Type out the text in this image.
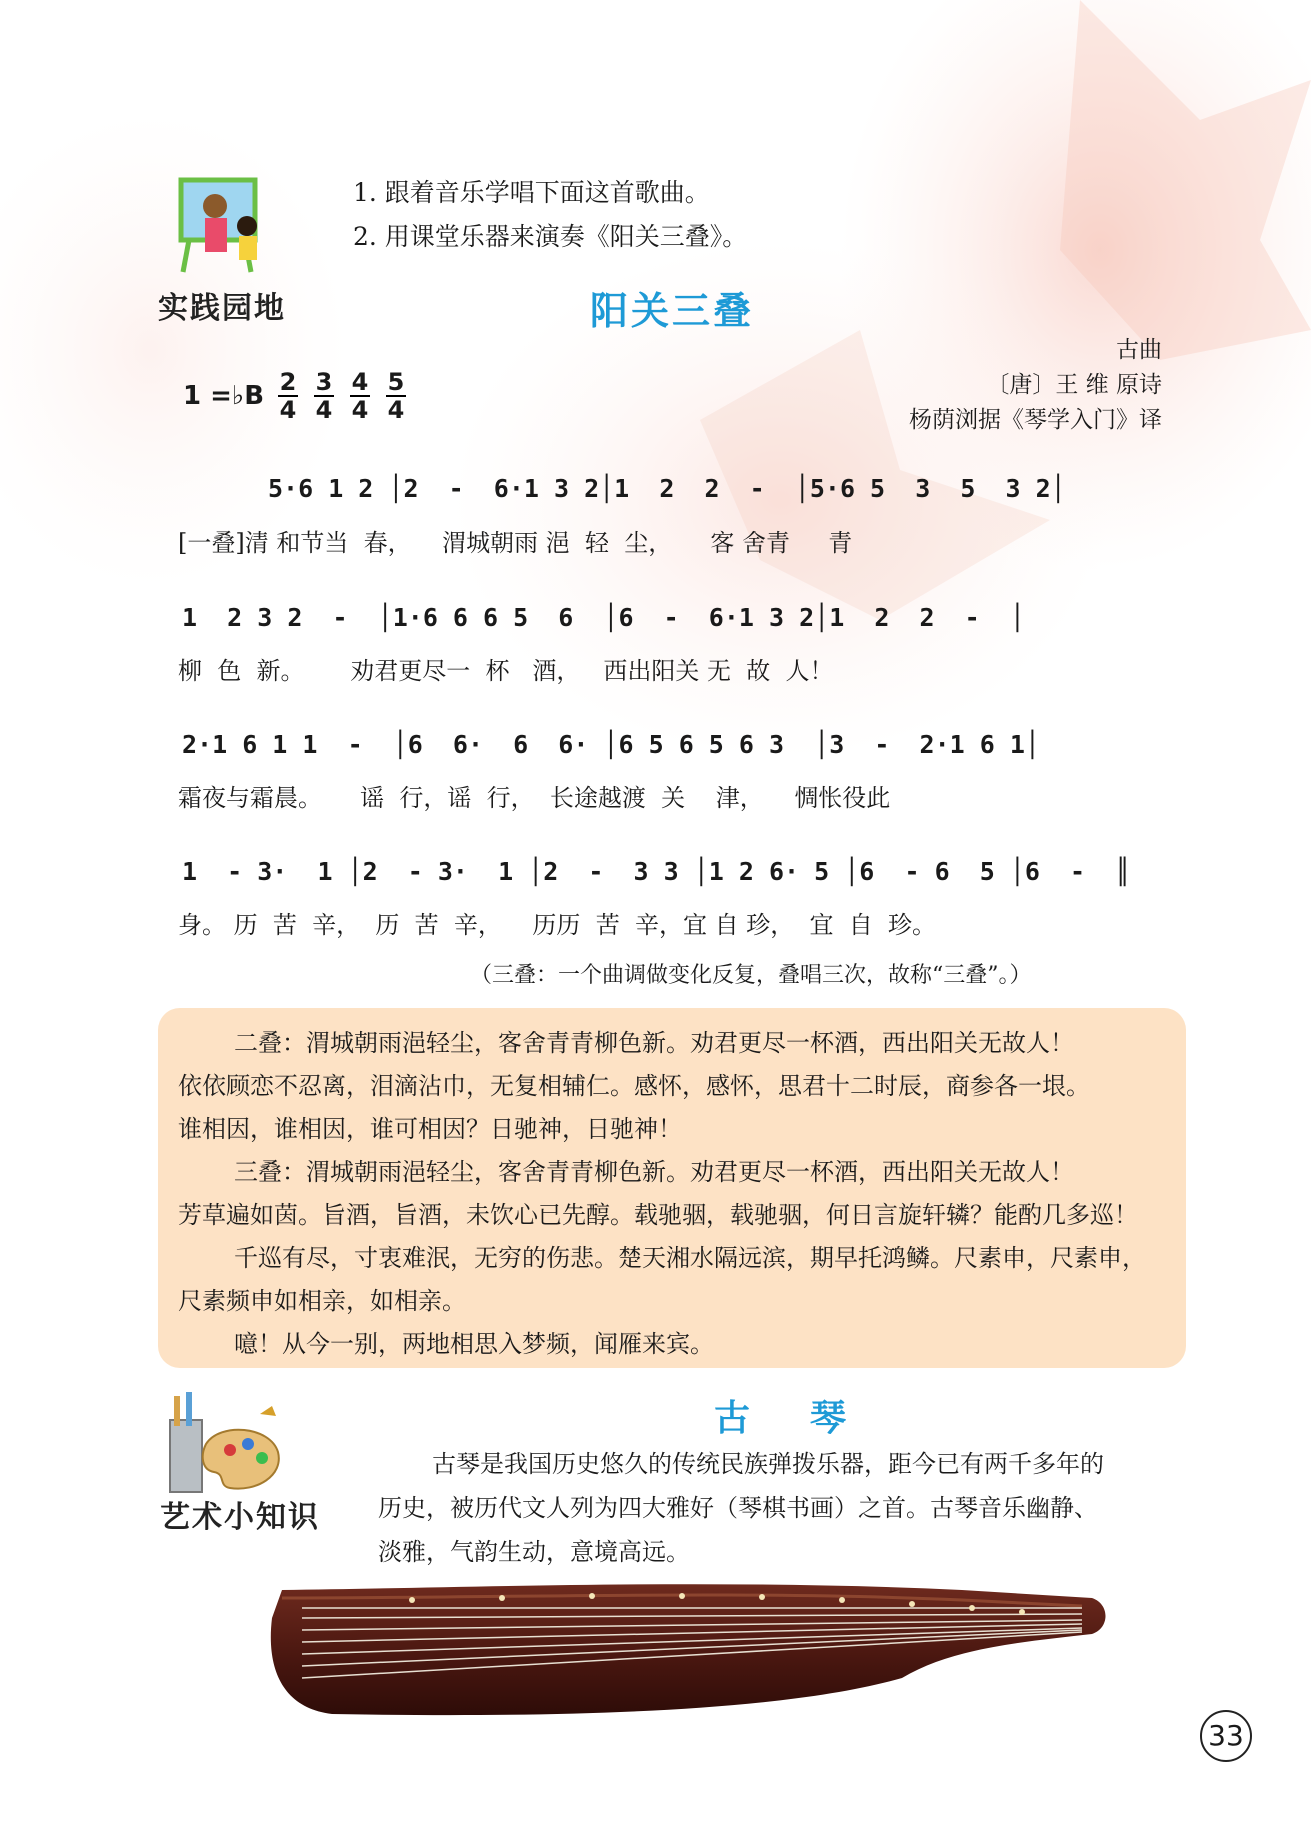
实践园地
1. 跟着音乐学唱下面这首歌曲。
2. 用课堂乐器来演奏《阳关三叠》。
阳关三叠
古曲
〔唐〕王 维 原诗
杨荫浏据《琴学入门》译
1 =♭B $\frac{2}{4} \frac{3}{4} \frac{4}{4} \frac{5}{4}$
5·6 1 2 │2  -  6·1 3 2│1  2  2  -  │5·6 5  3  5  3 2│
[一叠]清 和节当  春，    渭城朝雨 浥  轻  尘，     客 舍青     青
1  2 3 2  -  │1·6 6 6 5  6  │6  -  6·1 3 2│1  2  2  -  │
柳  色  新。      劝君更尽一  杯   酒，   西出阳关 无  故  人！
2·1 6 1 1  -  │6  6·  6  6· │6 5 6 5 6 3  │3  -  2·1 6 1│
霜夜与霜晨。     谣  行，谣  行，  长途越渡  关    津，    惆怅役此
1  - 3·  1 │2  - 3·  1 │2  -  3 3 │1 2 6· 5 │6  - 6  5 │6  -  ║
身。 历  苦  辛，  历  苦  辛，    历历  苦  辛，宜 自 珍，  宜  自  珍。
（三叠：一个曲调做变化反复，叠唱三次，故称“三叠”。）
二叠：渭城朝雨浥轻尘，客舍青青柳色新。劝君更尽一杯酒，西出阳关无故人！
依依顾恋不忍离，泪滴沾巾，无复相辅仁。感怀，感怀，思君十二时辰，商参各一垠。
谁相因，谁相因，谁可相因？日驰神，日驰神！
三叠：渭城朝雨浥轻尘，客舍青青柳色新。劝君更尽一杯酒，西出阳关无故人！
芳草遍如茵。旨酒，旨酒，未饮心已先醇。载驰骃，载驰骃，何日言旋轩辚？能酌几多巡！
千巡有尽，寸衷难泯，无穷的伤悲。楚天湘水隔远滨，期早托鸿鳞。尺素申，尺素申，
尺素频申如相亲，如相亲。
噫！从今一别，两地相思入梦频，闻雁来宾。
艺术小知识
古琴
古琴是我国历史悠久的传统民族弹拨乐器，距今已有两千多年的
历史，被历代文人列为四大雅好（琴棋书画）之首。古琴音乐幽静、
淡雅，气韵生动，意境高远。
33
